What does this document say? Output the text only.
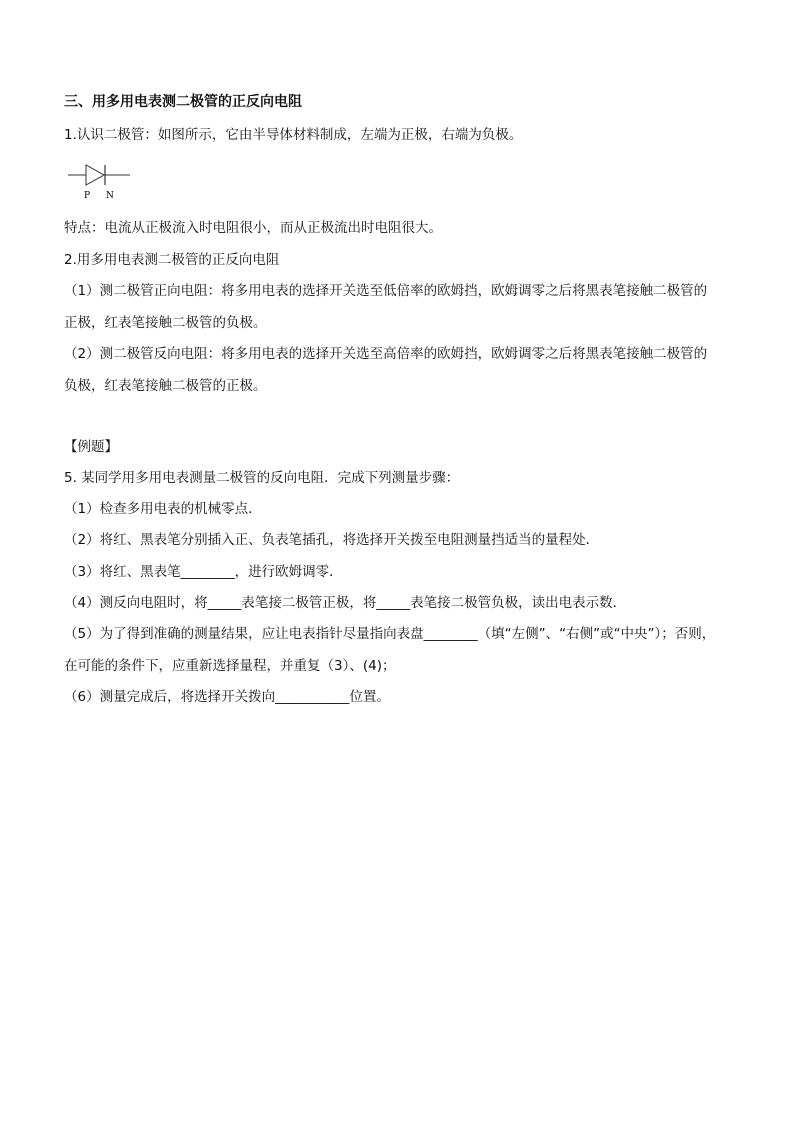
三、用多用电表测二极管的正反向电阻
1.认识二极管：如图所示，它由半导体材料制成，左端为正极，右端为负极。
P N
特点：电流从正极流入时电阻很小，而从正极流出时电阻很大。
2.用多用电表测二极管的正反向电阻
（1）测二极管正向电阻：将多用电表的选择开关选至低倍率的欧姆挡，欧姆调零之后将黑表笔接触二极管的
正极，红表笔接触二极管的负极。
（2）测二极管反向电阻：将多用电表的选择开关选至高倍率的欧姆挡，欧姆调零之后将黑表笔接触二极管的
负极，红表笔接触二极管的正极。
【例题】
5. 某同学用多用电表测量二极管的反向电阻．完成下列测量步骤：
（1）检查多用电表的机械零点．
（2）将红、黑表笔分别插入正、负表笔插孔，将选择开关拨至电阻测量挡适当的量程处．
（3）将红、黑表笔________，进行欧姆调零．
（4）测反向电阻时，将_____表笔接二极管正极，将_____表笔接二极管负极，读出电表示数．
（5）为了得到准确的测量结果，应让电表指针尽量指向表盘________（填“左侧”、“右侧”或“中央”）；否则，
在可能的条件下，应重新选择量程，并重复（3）、(4)；
（6）测量完成后，将选择开关拨向___________位置。
